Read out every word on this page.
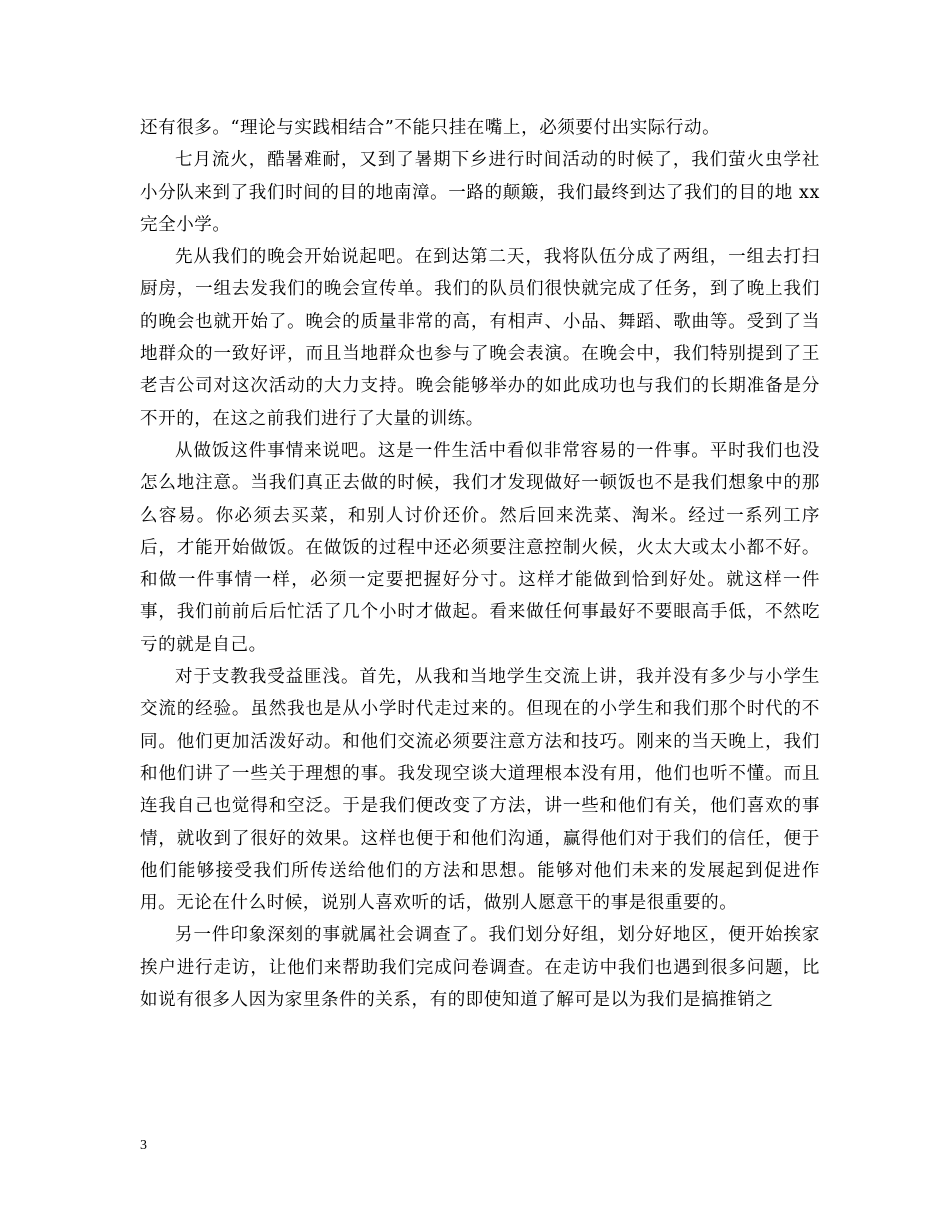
还有很多。“理论与实践相结合”不能只挂在嘴上，必须要付出实际行动。

七月流火，酷暑难耐，又到了暑期下乡进行时间活动的时候了，我们萤火虫学社小分队来到了我们时间的目的地南漳。一路的颠簸，我们最终到达了我们的目的地 xx 完全小学。

先从我们的晚会开始说起吧。在到达第二天，我将队伍分成了两组，一组去打扫厨房，一组去发我们的晚会宣传单。我们的队员们很快就完成了任务，到了晚上我们的晚会也就开始了。晚会的质量非常的高，有相声、小品、舞蹈、歌曲等。受到了当地群众的一致好评，而且当地群众也参与了晚会表演。在晚会中，我们特别提到了王老吉公司对这次活动的大力支持。晚会能够举办的如此成功也与我们的长期准备是分不开的，在这之前我们进行了大量的训练。

从做饭这件事情来说吧。这是一件生活中看似非常容易的一件事。平时我们也没怎么地注意。当我们真正去做的时候，我们才发现做好一顿饭也不是我们想象中的那么容易。你必须去买菜，和别人讨价还价。然后回来洗菜、淘米。经过一系列工序后，才能开始做饭。在做饭的过程中还必须要注意控制火候，火太大或太小都不好。和做一件事情一样，必须一定要把握好分寸。这样才能做到恰到好处。就这样一件事，我们前前后后忙活了几个小时才做起。看来做任何事最好不要眼高手低，不然吃亏的就是自己。

对于支教我受益匪浅。首先，从我和当地学生交流上讲，我并没有多少与小学生交流的经验。虽然我也是从小学时代走过来的。但现在的小学生和我们那个时代的不同。他们更加活泼好动。和他们交流必须要注意方法和技巧。刚来的当天晚上，我们和他们讲了一些关于理想的事。我发现空谈大道理根本没有用，他们也听不懂。而且连我自己也觉得和空泛。于是我们便改变了方法，讲一些和他们有关，他们喜欢的事情，就收到了很好的效果。这样也便于和他们沟通，赢得他们对于我们的信任，便于他们能够接受我们所传送给他们的方法和思想。能够对他们未来的发展起到促进作用。无论在什么时候，说别人喜欢听的话，做别人愿意干的事是很重要的。

另一件印象深刻的事就属社会调查了。我们划分好组，划分好地区，便开始挨家挨户进行走访，让他们来帮助我们完成问卷调查。在走访中我们也遇到很多问题，比如说有很多人因为家里条件的关系，有的即使知道了解可是以为我们是搞推销之

3
